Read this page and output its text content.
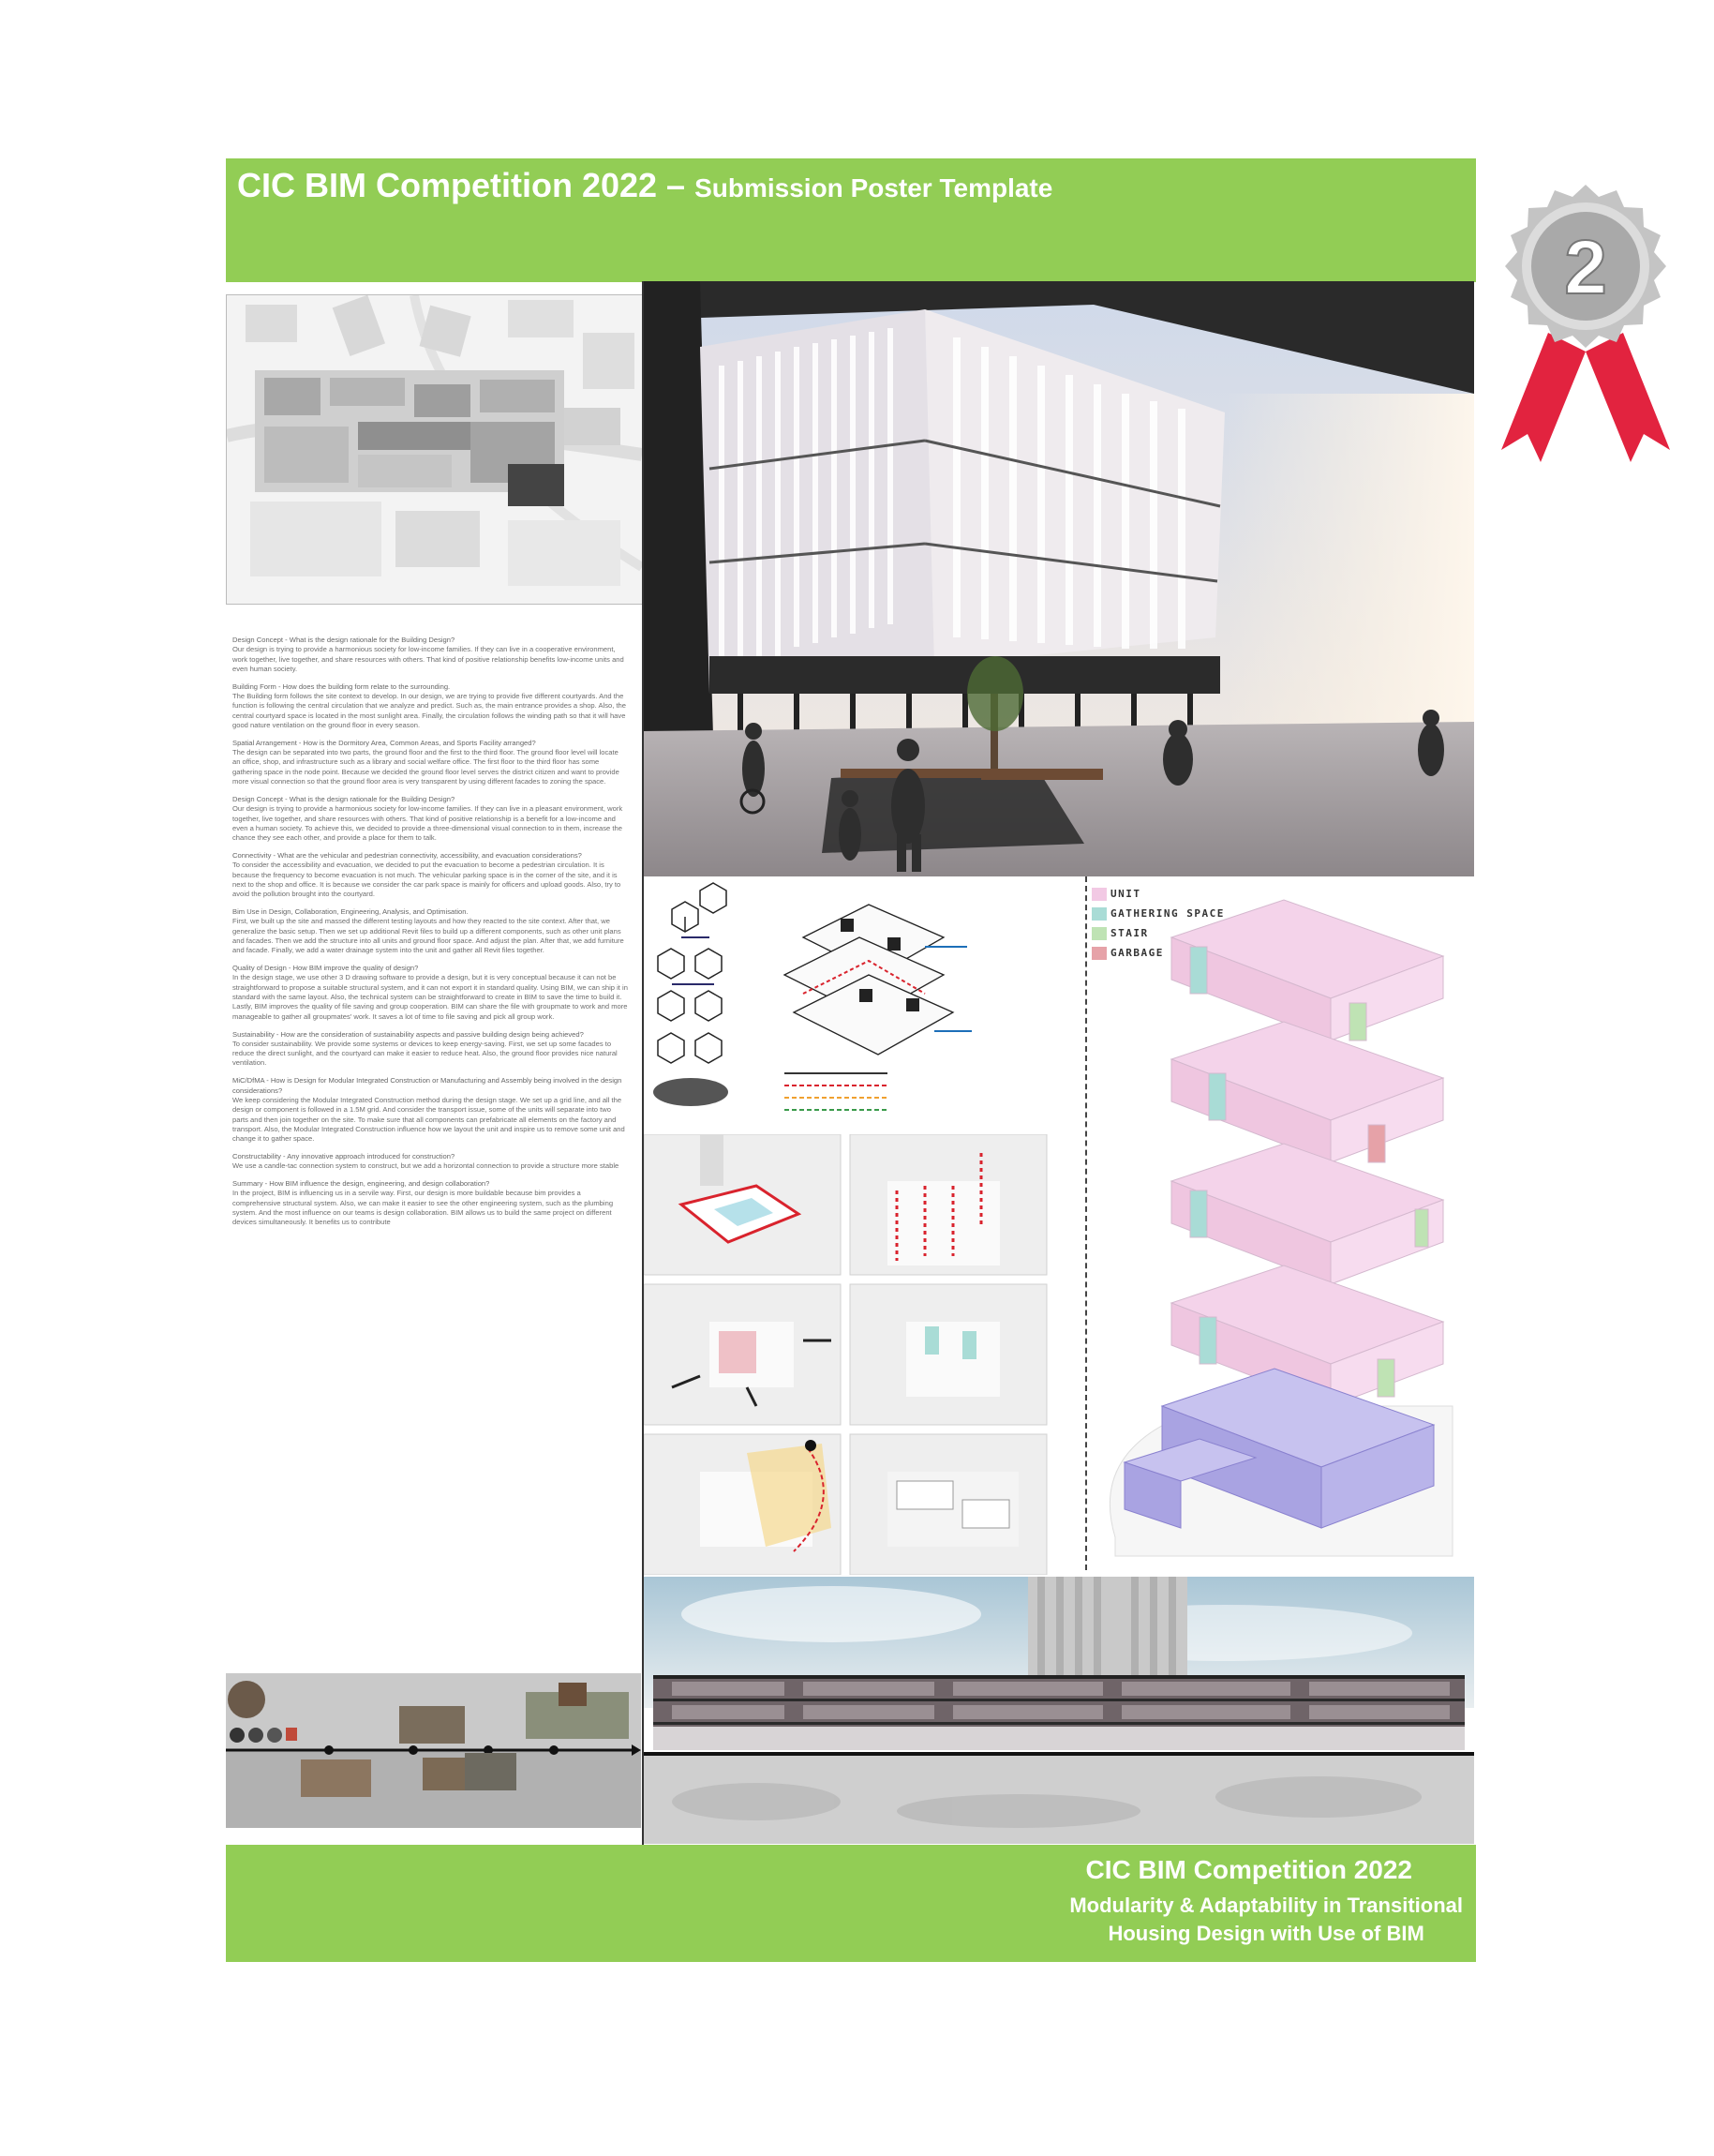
CIC BIM Competition 2022 – Submission Poster Template
2
Design Concept - What is the design rationale for the Building Design?
Our design is trying to provide a harmonious society for low-income families. If they can live in a cooperative environment, work together, live together, and share resources with others. That kind of positive relationship benefits low-income units and even human society.
Building Form - How does the building form relate to the surrounding.
The Building form follows the site context to develop. In our design, we are trying to provide five different courtyards. And the function is following the central circulation that we analyze and predict. Such as, the main entrance provides a shop. Also, the central courtyard space is located in the most sunlight area. Finally, the circulation follows the winding path so that it will have good nature ventilation on the ground floor in every season.
Spatial Arrangement - How is the Dormitory Area, Common Areas, and Sports Facility arranged?
The design can be separated into two parts, the ground floor and the first to the third floor. The ground floor level will locate an office, shop, and infrastructure such as a library and social welfare office. The first floor to the third floor has some gathering space in the node point. Because we decided the ground floor level serves the district citizen and want to provide more visual connection so that the ground floor area is very transparent by using different facades to zoning the space.
Design Concept - What is the design rationale for the Building Design?
Our design is trying to provide a harmonious society for low-income families. If they can live in a pleasant environment, work together, live together, and share resources with others. That kind of positive relationship is a benefit for a low-income and even a human society. To achieve this, we decided to provide a three-dimensional visual connection to in them, increase the chance they see each other, and provide a place for them to talk.
Connectivity - What are the vehicular and pedestrian connectivity, accessibility, and evacuation considerations?
To consider the accessibility and evacuation, we decided to put the evacuation to become a pedestrian circulation. It is because the frequency to become evacuation is not much. The vehicular parking space is in the corner of the site, and it is next to the shop and office. It is because we consider the car park space is mainly for officers and upload goods. Also, try to avoid the pollution brought into the courtyard.
Bim Use in Design, Collaboration, Engineering, Analysis, and Optimisation.
First, we built up the site and massed the different testing layouts and how they reacted to the site context. After that, we generalize the basic setup. Then we set up additional Revit files to build up a different components, such as other unit plans and facades. Then we add the structure into all units and ground floor space. And adjust the plan. After that, we add furniture and facade. Finally, we add a water drainage system into the unit and gather all Revit files together.
Quality of Design - How BIM improve the quality of design?
In the design stage, we use other 3 D drawing software to provide a design, but it is very conceptual because it can not be straightforward to propose a suitable structural system, and it can not export it in standard quality. Using BIM, we can ship it in standard with the same layout. Also, the technical system can be straightforward to create in BIM to save the time to build it. Lastly, BIM improves the quality of file saving and group cooperation. BIM can share the file with groupmate to work and more manageable to gather all groupmates' work. It saves a lot of time to file saving and pick all group work.
Sustainability - How are the consideration of sustainability aspects and passive building design being achieved?
To consider sustainability. We provide some systems or devices to keep energy-saving. First, we set up some facades to reduce the direct sunlight, and the courtyard can make it easier to reduce heat. Also, the ground floor provides nice natural ventilation.
MiC/DfMA - How is Design for Modular Integrated Construction or Manufacturing and Assembly being involved in the design considerations?
We keep considering the Modular Integrated Construction method during the design stage. We set up a grid line, and all the design or component is followed in a 1.5M grid. And consider the transport issue, some of the units will separate into two parts and then join together on the site. To make sure that all components can prefabricate all elements on the factory and transport. Also, the Modular Integrated Construction influence how we layout the unit and inspire us to remove some unit and change it to gather space.
Constructability - Any innovative approach introduced for construction?
We use a candle-tac connection system to construct, but we add a horizontal connection to provide a structure more stable
Summary - How BIM influence the design, engineering, and design collaboration?
In the project, BIM is influencing us in a servile way. First, our design is more buildable because bim provides a comprehensive structural system. Also, we can make it easier to see the other engineering system, such as the plumbing system. And the most influence on our teams is design collaboration. BIM allows us to build the same project on different devices simultaneously. It benefits us to contribute
UNIT
GATHERING SPACE
STAIR
GARBAGE
CIC BIM Competition 2022
Modularity & Adaptability in Transitional
Housing Design with Use of BIM
